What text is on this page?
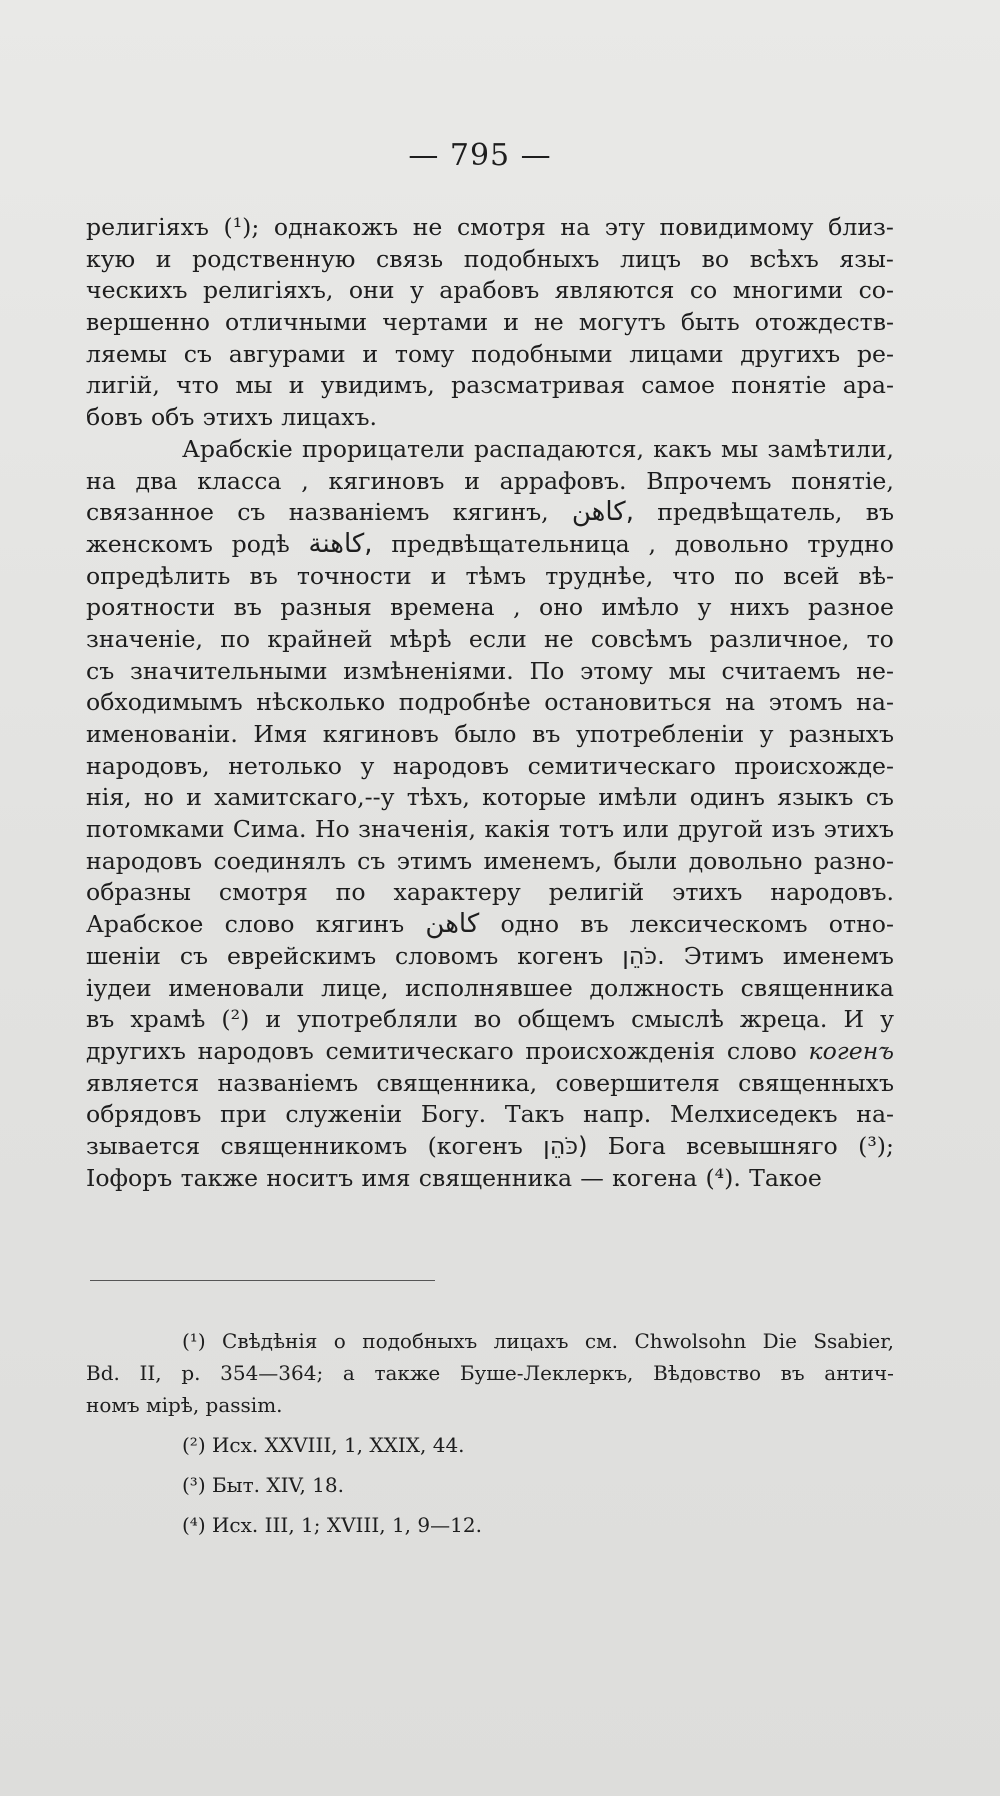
— 795 —
религіяхъ (¹); однакожъ не смотря на эту повидимому близ-
кую и родственную связь подобныхъ лицъ во всѣхъ язы-
ческихъ религіяхъ, они у арабовъ являются со многими со-
вершенно отличными чертами и не могутъ быть отождеств-
ляемы съ авгурами и тому подобными лицами другихъ ре-
лигій, что мы и увидимъ, разсматривая самое понятіе ара-
бовъ объ этихъ лицахъ.
Арабскіе прорицатели распадаются, какъ мы замѣтили,
на два класса , кягиновъ и аррафовъ. Впрочемъ понятіе,
связанное съ названіемъ кягинъ, كاهن, предвѣщатель, въ
женскомъ родѣ كاهنة, предвѣщательница , довольно трудно
опредѣлить въ точности и тѣмъ труднѣе, что по всей вѣ-
роятности въ разныя времена , оно имѣло у нихъ разное
значеніе, по крайней мѣрѣ если не совсѣмъ различное, то
съ значительными измѣненіями. По этому мы считаемъ не-
обходимымъ нѣсколько подробнѣе остановиться на этомъ на-
именованіи. Имя кягиновъ было въ употребленіи у разныхъ
народовъ, нетолько у народовъ семитическаго происхожде-
нія, но и хамитскаго,--у тѣхъ, которые имѣли одинъ языкъ съ
потомками Сима. Но значенія, какія тотъ или другой изъ этихъ
народовъ соединялъ съ этимъ именемъ, были довольно разно-
образны смотря по характеру религій этихъ народовъ.
Арабское слово кягинъ كاهن одно въ лексическомъ отно-
шеніи съ еврейскимъ словомъ когенъ כֹּהֵן. Этимъ именемъ
іудеи именовали лице, исполнявшее должность священника
въ храмѣ (²) и употребляли во общемъ смыслѣ жреца. И у
другихъ народовъ семитическаго происхожденія слово когенъ
является названіемъ священника, совершителя священныхъ
обрядовъ при служеніи Богу. Такъ напр. Мелхиседекъ на-
зывается священникомъ (когенъ כֹּהֵן) Бога всевышняго (³);
Іофоръ также носитъ имя священника — когена (⁴). Такое
(¹) Свѣдѣнія о подобныхъ лицахъ см. Chwolsohn Die Ssabier,
Bd. II, p. 354—364; а также Буше-Леклеркъ, Вѣдовство въ антич-
номъ мірѣ, passim.
(²) Исх. XXVIII, 1, XXIX, 44.
(³) Быт. XIV, 18.
(⁴) Исх. III, 1; XVIII, 1, 9—12.
